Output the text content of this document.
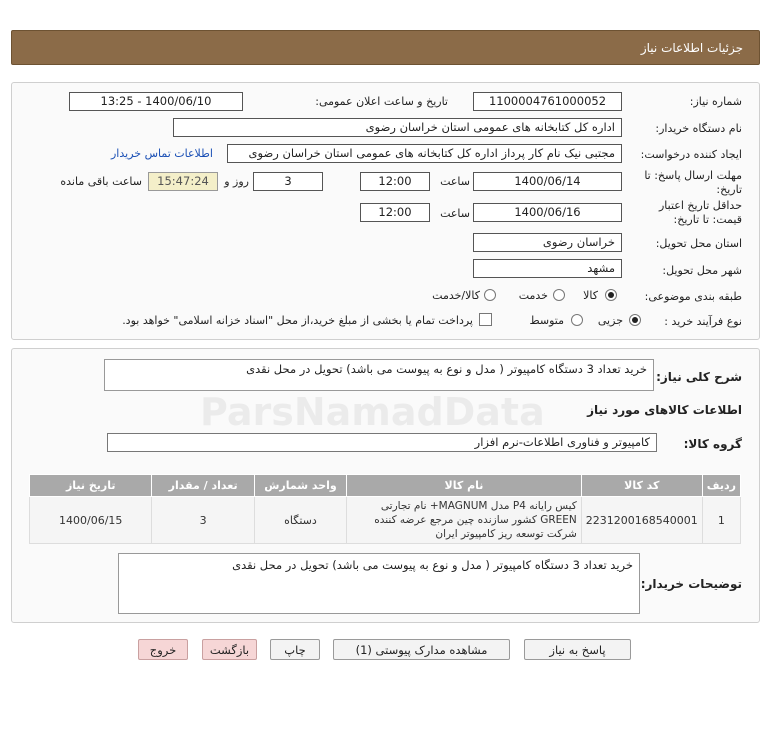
جزئیات اطلاعات نیاز
شماره نیاز:
1100004761000052
تاریخ و ساعت اعلان عمومی:
1400/06/10 - 13:25
نام دستگاه خریدار:
اداره کل کتابخانه های عمومی استان خراسان رضوی
ایجاد کننده درخواست:
مجتبی نیک نام کار پرداز اداره کل کتابخانه های عمومی استان خراسان رضوی
اطلاعات تماس خریدار
مهلت ارسال پاسخ: تا
تاریخ:
1400/06/14
ساعت
12:00
3
روز و
15:47:24
ساعت باقی مانده
حداقل تاریخ اعتبار
قیمت: تا تاریخ:
1400/06/16
ساعت
12:00
استان محل تحویل:
خراسان رضوی
شهر محل تحویل:
مشهد
طبقه بندی موضوعی:
کالا
خدمت
کالا/خدمت
نوع فرآیند خرید :
جزیی
متوسط
پرداخت تمام یا بخشی از مبلغ خرید،از محل "اسناد خزانه اسلامی" خواهد بود.
شرح کلی نیاز:
خرید تعداد 3 دستگاه کامپیوتر ( مدل و نوع به پیوست می باشد) تحویل در محل نقدی
اطلاعات کالاهای مورد نیاز
گروه کالا:
کامپیوتر و فناوری اطلاعات-نرم افزار
ردیف	کد کالا	نام کالا	واحد شمارش	تعداد / مقدار	تاریخ نیاز
1	2231200168540001	کیس رایانه P4 مدل MAGNUM+ نام تجارتی GREEN کشور سازنده چین مرجع عرضه کننده شرکت توسعه ریز کامپیوتر ایران	دستگاه	3	1400/06/15
توضیحات خریدار:
خرید تعداد 3 دستگاه کامپیوتر ( مدل و نوع به پیوست می باشد) تحویل در محل نقدی
پاسخ به نیاز
مشاهده مدارک پیوستی (1)
چاپ
بازگشت
خروج
